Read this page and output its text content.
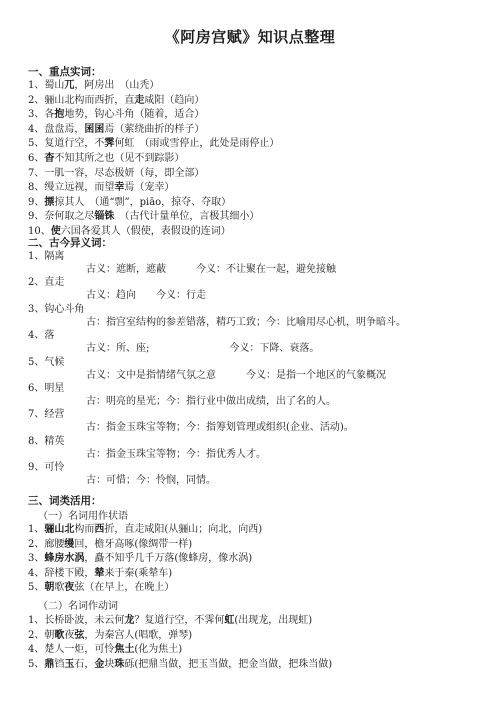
《阿房宫赋》知识点整理
一、重点实词：
1、蜀山兀，阿房出　（山秃）
2、骊山北构而西折，直走咸阳（趋向）
3、各抱地势，钩心斗角（随着，适合）
4、盘盘焉，囷囷焉（萦绕曲折的样子）
5、复道行空，不霁何虹　（雨或雪停止，此处是雨停止）
6、杳不知其所之也（见不到踪影）
7、一肌一容，尽态极妍（每，即全部）
8、缦立远视，而望幸焉（宠幸）
9、摽掠其人　（通“剽”，piāo，掠夺、夺取）
9、奈何取之尽锱铢　（古代计量单位，言极其细小）
10、使六国各爱其人（假使，表假设的连词）
二、古今异义词：
1、隔离
古义：遮断，遮蔽　　　今义：不让聚在一起，避免接触
2、直走
古义：趋向　　今义：行走
3、钩心斗角
古：指宫室结构的参差错落，精巧工致；今：比喻用尽心机，明争暗斗。
4、落
古义：所、座;　　　　　　　　今义：下降、衰落。
5、气候
古义：文中是指情绪气氛之意　　　今义：是指一个地区的气象概况
6、明星
古：明亮的星光；今：指行业中做出成绩，出了名的人。
7、经营
古：指金玉珠宝等物；今：指筹划管理或组织(企业、活动)。
8、精英
古：指金玉珠宝等物；今：指优秀人才。
9、可怜
古：可惜；今：怜悯，同情。
三、词类活用：
（一）名词用作状语
1、骊山北构而西折，直走咸阳(从骊山；向北，向西)
2、廊腰缦回，檐牙高啄(像绸带一样)
3、蜂房水涡，矗不知乎几千万落(像蜂房，像水涡)
4、辞楼下殿，辇来于秦(乘辇车)
5、朝歌夜弦（在早上，在晚上）
（二）名词作动词
1、长桥卧波，未云何龙？复道行空，不霁何虹(出现龙，出现虹)
2、朝歌夜弦，为秦宫人(唱歌，弹琴)
4、楚人一炬，可怜焦土(化为焦土)
5、鼎铛玉石，金块珠砾(把鼎当做，把玉当做，把金当做，把珠当做)
